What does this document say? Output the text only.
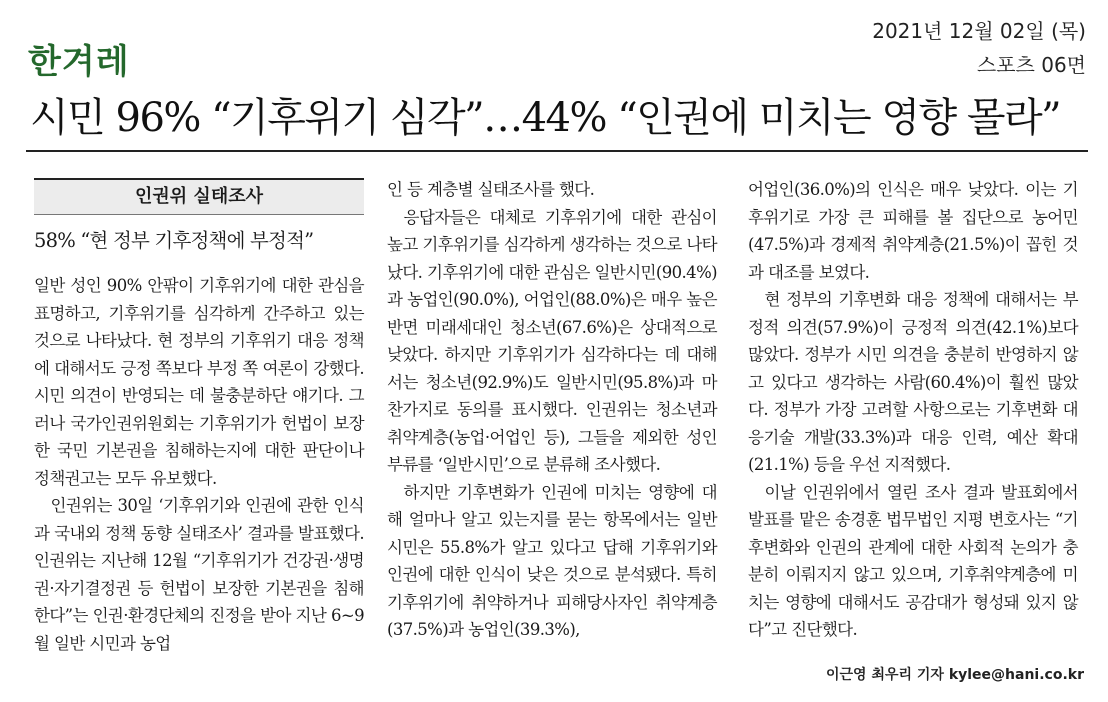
한겨레
2021년 12월 02일 (목)
스포츠 06면
시민 96% “기후위기 심각”…44% “인권에 미치는 영향 몰라”
인권위 실태조사
58% “현 정부 기후정책에 부정적”

일반 성인 90% 안팎이 기후위기에 대한 관심을 표명하고, 기후위기를 심각하게 간주하고 있는 것으로 나타났다. 현 정부의 기후위기 대응 정책에 대해서도 긍정 쪽보다 부정 쪽 여론이 강했다. 시민 의견이 반영되는 데 불충분하단 얘기다. 그러나 국가인권위원회는 기후위기가 헌법이 보장한 국민 기본권을 침해하는지에 대한 판단이나 정책권고는 모두 유보했다.

인권위는 30일 ‘기후위기와 인권에 관한 인식과 국내외 정책 동향 실태조사’ 결과를 발표했다. 인권위는 지난해 12월 “기후위기가 건강권·생명권·자기결정권 등 헌법이 보장한 기본권을 침해한다”는 인권·환경단체의 진정을 받아 지난 6~9월 일반 시민과 농업

인 등 계층별 실태조사를 했다.

응답자들은 대체로 기후위기에 대한 관심이 높고 기후위기를 심각하게 생각하는 것으로 나타났다. 기후위기에 대한 관심은 일반시민(90.4%)과 농업인(90.0%), 어업인(88.0%)은 매우 높은 반면 미래세대인 청소년(67.6%)은 상대적으로 낮았다. 하지만 기후위기가 심각하다는 데 대해서는 청소년(92.9%)도 일반시민(95.8%)과 마찬가지로 동의를 표시했다. 인권위는 청소년과 취약계층(농업·어업인 등), 그들을 제외한 성인 부류를 ‘일반시민’으로 분류해 조사했다.

하지만 기후변화가 인권에 미치는 영향에 대해 얼마나 알고 있는지를 묻는 항목에서는 일반시민은 55.8%가 알고 있다고 답해 기후위기와 인권에 대한 인식이 낮은 것으로 분석됐다. 특히 기후위기에 취약하거나 피해당사자인 취약계층(37.5%)과 농업인(39.3%),

어업인(36.0%)의 인식은 매우 낮았다. 이는 기후위기로 가장 큰 피해를 볼 집단으로 농어민(47.5%)과 경제적 취약계층(21.5%)이 꼽힌 것과 대조를 보였다.

현 정부의 기후변화 대응 정책에 대해서는 부정적 의견(57.9%)이 긍정적 의견(42.1%)보다 많았다. 정부가 시민 의견을 충분히 반영하지 않고 있다고 생각하는 사람(60.4%)이 훨씬 많았다. 정부가 가장 고려할 사항으로는 기후변화 대응기술 개발(33.3%)과 대응 인력, 예산 확대(21.1%) 등을 우선 지적했다.

이날 인권위에서 열린 조사 결과 발표회에서 발표를 맡은 송경훈 법무법인 지평 변호사는 “기후변화와 인권의 관계에 대한 사회적 논의가 충분히 이뤄지지 않고 있으며, 기후취약계층에 미치는 영향에 대해서도 공감대가 형성돼 있지 않다”고 진단했다.

이근영 최우리 기자 kylee@hani.co.kr
